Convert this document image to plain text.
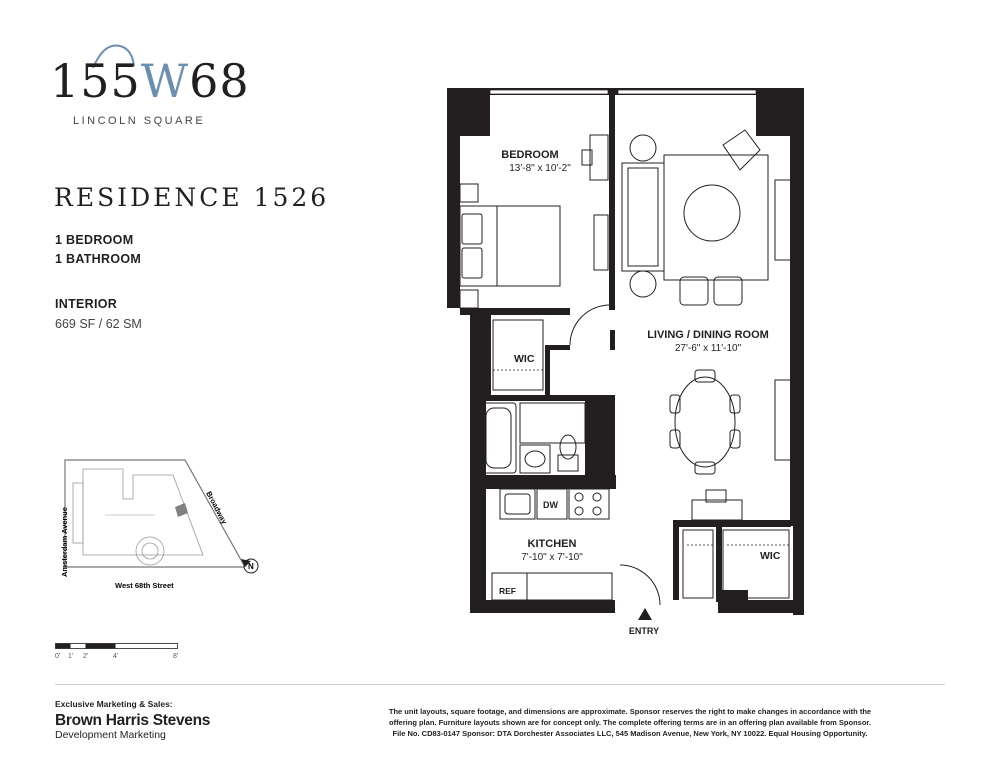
155W68
LINCOLN SQUARE
RESIDENCE 1526
1 BEDROOM
1 BATHROOM
INTERIOR
669 SF / 62 SM
Amsterdam Avenue
West 68th Street
Broadway
N
0' 1' 2'	4'	8'
BEDROOM
13'-8" x 10'-2"
LIVING / DINING ROOM
27'-6" x 11'-10"
KITCHEN
7'-10" x 7'-10"
WIC
WIC
DW
REF
ENTRY
Exclusive Marketing & Sales:
Brown Harris Stevens
Development Marketing
The unit layouts, square footage, and dimensions are approximate. Sponsor reserves the right to make changes in accordance with the
offering plan. Furniture layouts shown are for concept only. The complete offering terms are in an offering plan available from Sponsor.
File No. CD83-0147 Sponsor: DTA Dorchester Associates LLC, 545 Madison Avenue, New York, NY 10022. Equal Housing Opportunity.
